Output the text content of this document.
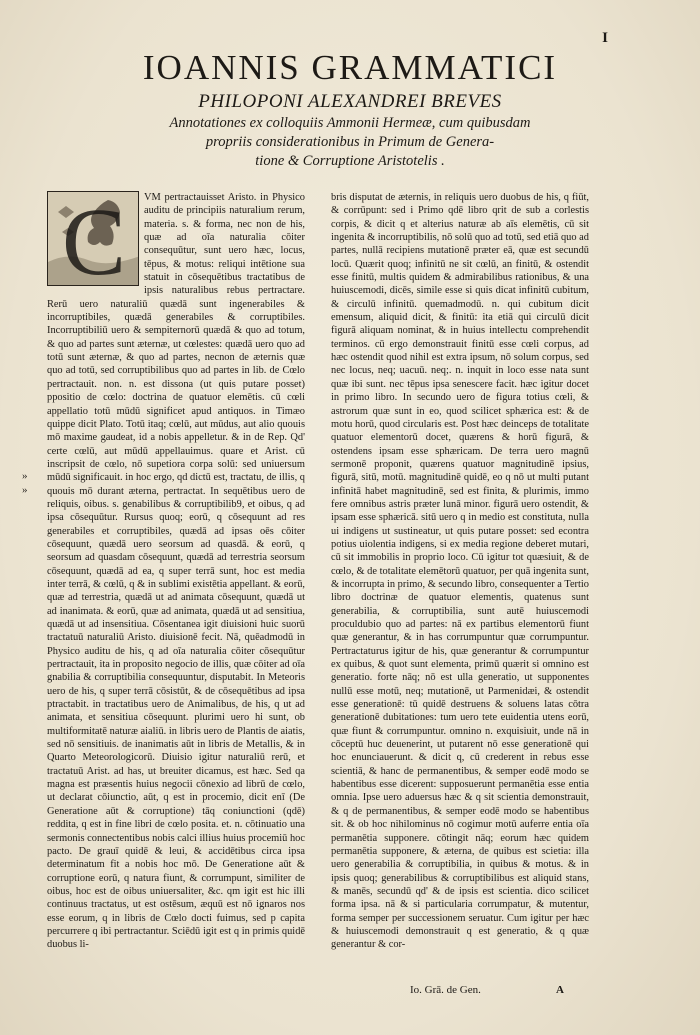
I
IOANNIS GRAMMATICI
PHILOPONI ALEXANDREI BREVES
Annotationes ex colloquiis Ammonii Hermeæ, cum quibusdam
propriis considerationibus in Primum de Genera-
tione & Corruptione Aristotelis .
»
»
C	VM pertractauisset Aristo. in Physico auditu de principiis naturalium rerum, materia. s. & forma, nec non de his, quæ ad oīa naturalia cōiter consequūtur, sunt uero hæc, locus, tēpus, & motus: reliqui intētione sua statuit in cōsequētibus tractatibus de ipsis naturalibus rebus pertractare. Rerū uero naturaliū quædā sunt ingenerabiles & incorruptibiles, quædā generabiles & corruptibiles. Incorruptibiliū uero & sempiternorū quædā & quo ad totum, & quo ad partes sunt æternæ, ut cœlestes: quædā uero quo ad totū sunt æternæ, & quo ad partes, necnon de æternis quæ quo ad totū, sed corruptibilibus quo ad partes in lib. de Cœlo pertractauit. non. n. est dissona (ut quis putare posset) ppositio de cœlo: doctrina de quatuor elemētis. cū cœli appellatio totū mūdū significet apud antiquos. in Timæo quippe dicit Plato. Totū itaq; cœlū, aut mūdus, aut alio quouis mō maxime gaudeat, id a nobis appelletur. & in de Rep. Qd' certe cœlū, aut mūdū appellauimus. quare et Arist. cū inscripsit de cœlo, nō supetiora corpa solū: sed uniuersum mūdū significauit. in hoc ergo, qd dictū est, tractatu, de illis, q quouis mō durant æterna, pertractat. In sequētibus uero de reliquis, oibus. s. genabilibus & corruptibilib9, et oibus, q ad ipsa cōsequūtur. Rursus quoq; eorū, q cōsequunt ad res generabiles et corruptibiles, quædā ad ipsas oēs cōiter cōsequunt, quædā uero seorsum ad quasdā. & eorū, q seorsum ad quasdam cōsequunt, quædā ad terrestria seorsum cōsequunt, quædā ad ea, q super terrā sunt, hoc est media inter terrā, & cœlū, q & in sublimi existētia appellant. & eorū, quæ ad terrestria, quædā ut ad animata cōsequunt, quædā ut ad inanimata. & eorū, quæ ad animata, quædā ut ad sensitiua, quædā ut ad insensitiua. Cōsentanea igit diuisioni huic suorū tractatuū naturaliū Aristo. diuisionē fecit. Nā, quēadmodū in Physico auditu de his, q ad oīa naturalia cōiter cōsequūtur pertractauit, ita in proposito negocio de illis, quæ cōiter ad oīa gnabilia & corruptibilia consequuntur, disputabit. In Meteoris uero de his, q super terrā cōsistūt, & de cōsequētibus ad ipsa ptractabit. in tractatibus uero de Animalibus, de his, q ut ad animata, et sensitiua cōsequunt. plurimi uero hi sunt, ob multiformitatē naturæ aialiū. in libris uero de Plantis de aiatis, sed nō sensitiuis. de inanimatis aūt in libris de Metallis, & in Quarto Meteorologicorū. Diuisio igitur naturaliū rerū, et tractatuū Arist. ad has, ut breuiter dicamus, est hæc. Sed qa magna est præsentis huius negocii cōnexio ad librū de cœlo, ut declarat cōiunctio, aūt, q est in procemio, dicit enī (De Generatione aūt & corruptione) tāq coniunctioni (qdē) reddita, q est in fine libri de cœlo posita. et. n. cōtinuatio una sermonis connectentibus nobis calci illius huius procemiū hoc pacto. De grauī quidē & leui, & accidētibus circa ipsa determinatum fit a nobis hoc mō. De Generatione aūt & corruptione eorū, q natura fiunt, & corrumpunt, similiter de oibus, hoc est de oibus uniuersaliter, &c. qm igit est hic illi continuus tractatus, ut est ostēsum, æquū est nō ignaros nos esse eorum, q in libris de Cœlo docti fuimus, sed p capita percurrere q ibi pertractantur. Sciēdū igit est q in primis quidē duobus li-

bris disputat de æternis, in reliquis uero duobus de his, q fiūt, & corrūpunt: sed i Primo qdē libro qrit de sub a corlestis corpis, & dicit q et alterius naturæ ab aīs elemētis, cū sit ingenita & incorruptibilis, nō solū quo ad totū, sed etiā quo ad partes, nullā recipiens mutationē præter eā, quæ est secundū locū. Quærit quoq; infinitū ne sit cœlū, an finitū, & ostendit esse finitū, multis quidem & admirabilibus rationibus, & una huiuscemodi, dicēs, simile esse si quis dicat infinitū cubitum, & circulū infinitū. quemadmodū. n. qui cubitum dicit emensum, aliquid dicit, & finitū: ita etiā qui circulū dicit figurā aliquam nominat, & in huius intellectu comprehendit terminos. cū ergo demonstrauit finitū esse cœli corpus, ad hæc ostendit quod nihil est extra ipsum, nō solum corpus, sed nec locus, neq; uacuū. neq;. n. inquit in loco esse nata sunt quæ ibi sunt. nec tēpus ipsa senescere facit. hæc igitur docet in primo libro. In secundo uero de figura totius cœli, & astrorum quæ sunt in eo, quod scilicet sphærica est: & de motu horū, quod circularis est. Post hæc deinceps de totalitate quatuor elementorū docet, quærens & horū figurā, & ostendens ipsam esse sphæricam. De terra uero magnū sermonē proponit, quærens quatuor magnitudinē ipsius, figurā, sitū, motū. magnitudinē quidē, eo q nō ut multi putant infinitā habet magnitudinē, sed est finita, & plurimis, immo fere omnibus astris præter lunā minor. figurā uero ostendit, & ipsam esse sphæricā. sitū uero q in medio est constituta, nulla ui indigens ut sustineatur, ut quis putare posset: sed econtra potius uiolentia indigens, si ex media regione deberet mutari, cū sit immobilis in proprio loco. Cū igitur tot quæsiuit, & de cœlo, & de totalitate elemētorū quatuor, per quā ingenita sunt, & incorrupta in primo, & secundo libro, consequenter a Tertio libro doctrinæ de quatuor elementis, quatenus sunt generabilia, & corruptibilia, sunt autē huiuscemodi proculdubio quo ad partes: nā ex partibus elementorū fiunt quæ generantur, & in has corrumpuntur quæ corrumpuntur. Pertractaturus igitur de his, quæ generantur & corrumpuntur ex quibus, & quot sunt elementa, primū quærit si omnino est generatio. forte nāq; nō est ulla generatio, ut supponentes nullū esse motū, neq; mutationē, ut Parmenidæi, & ostendit esse generationē: tū quidē destruens & soluens latas cōtra generationē dubitationes: tum uero tete euidentia utens eorū, quæ fiunt & corrumpuntur. omnino n. exquisiuit, unde nā in cōceptū huc deuenerint, ut putarent nō esse generationē qui hoc enunciauerunt. & dicit q, cū crederent in rebus esse scientiā, & hanc de permanentibus, & semper eodē modo se habentibus esse dicerent: supposuerunt permanētia esse entia omnia. Ipse uero aduersus hæc & q sit scientia demonstrauit, & q de permanentibus, & semper eodē modo se habentibus sit. & ob hoc nihilominus nō cogimur motū auferre entia oīa permanētia supponere. cōtingit nāq; eorum hæc quidem permanētia supponere, & æterna, de quibus est scietia: illa uero generabilia & corruptibilia, in quibus & motus. & in ipsis quoq; generabilibus & corruptibilibus est aliquid stans, & manēs, secundū qd' & de ipsis est scientia. dico scilicet forma ipsa. nā & si particularia corrumpatur, & mutentur, forma semper per successionem seruatur. Cum igitur per hæc & huiuscemodi demonstrauit q est generatio, & q quæ generantur & cor-

Io. Grā. de Gen.	A
